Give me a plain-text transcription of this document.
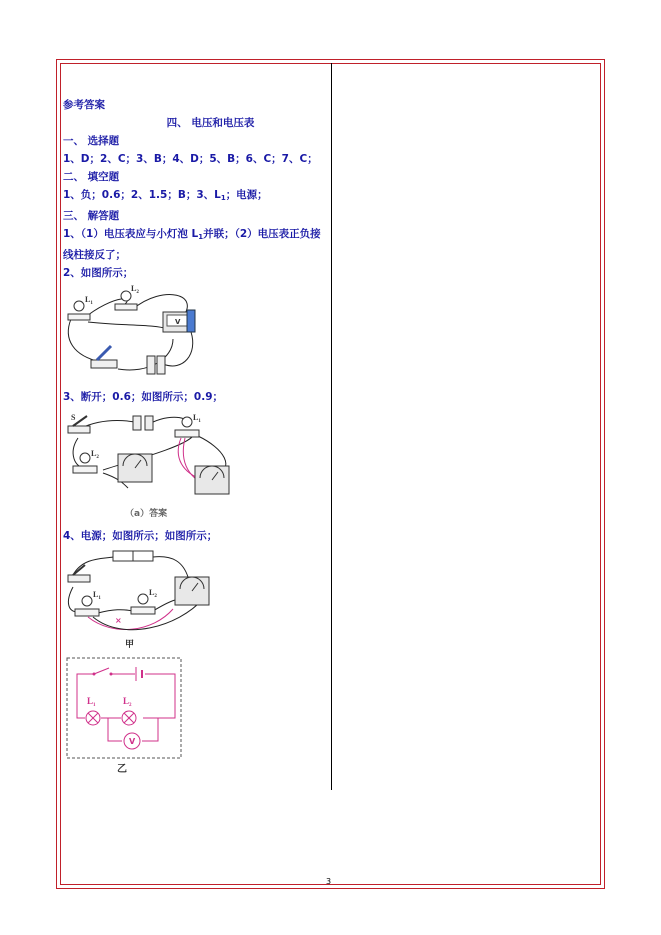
参考答案
四、 电压和电压表
一、 选择题
1、D；2、C；3、B；4、D；5、B；6、C；7、C；
二、 填空题
1、负；0.6；2、1.5；B；3、$L_1$；电源；
三、 解答题
1、（1）电压表应与小灯泡 $L_1$并联；（2）电压表正负接线柱接反了；
2、如图所示；
$L_1$
$L_2$
V
3、断开；0.6；如图所示；0.9；
S	$L_1$
$L_2$
（a）答案
4、电源；如图所示；如图所示；
×
$L_1$
$L_2$
甲
$L_1$	$L_2$
V
乙
3
